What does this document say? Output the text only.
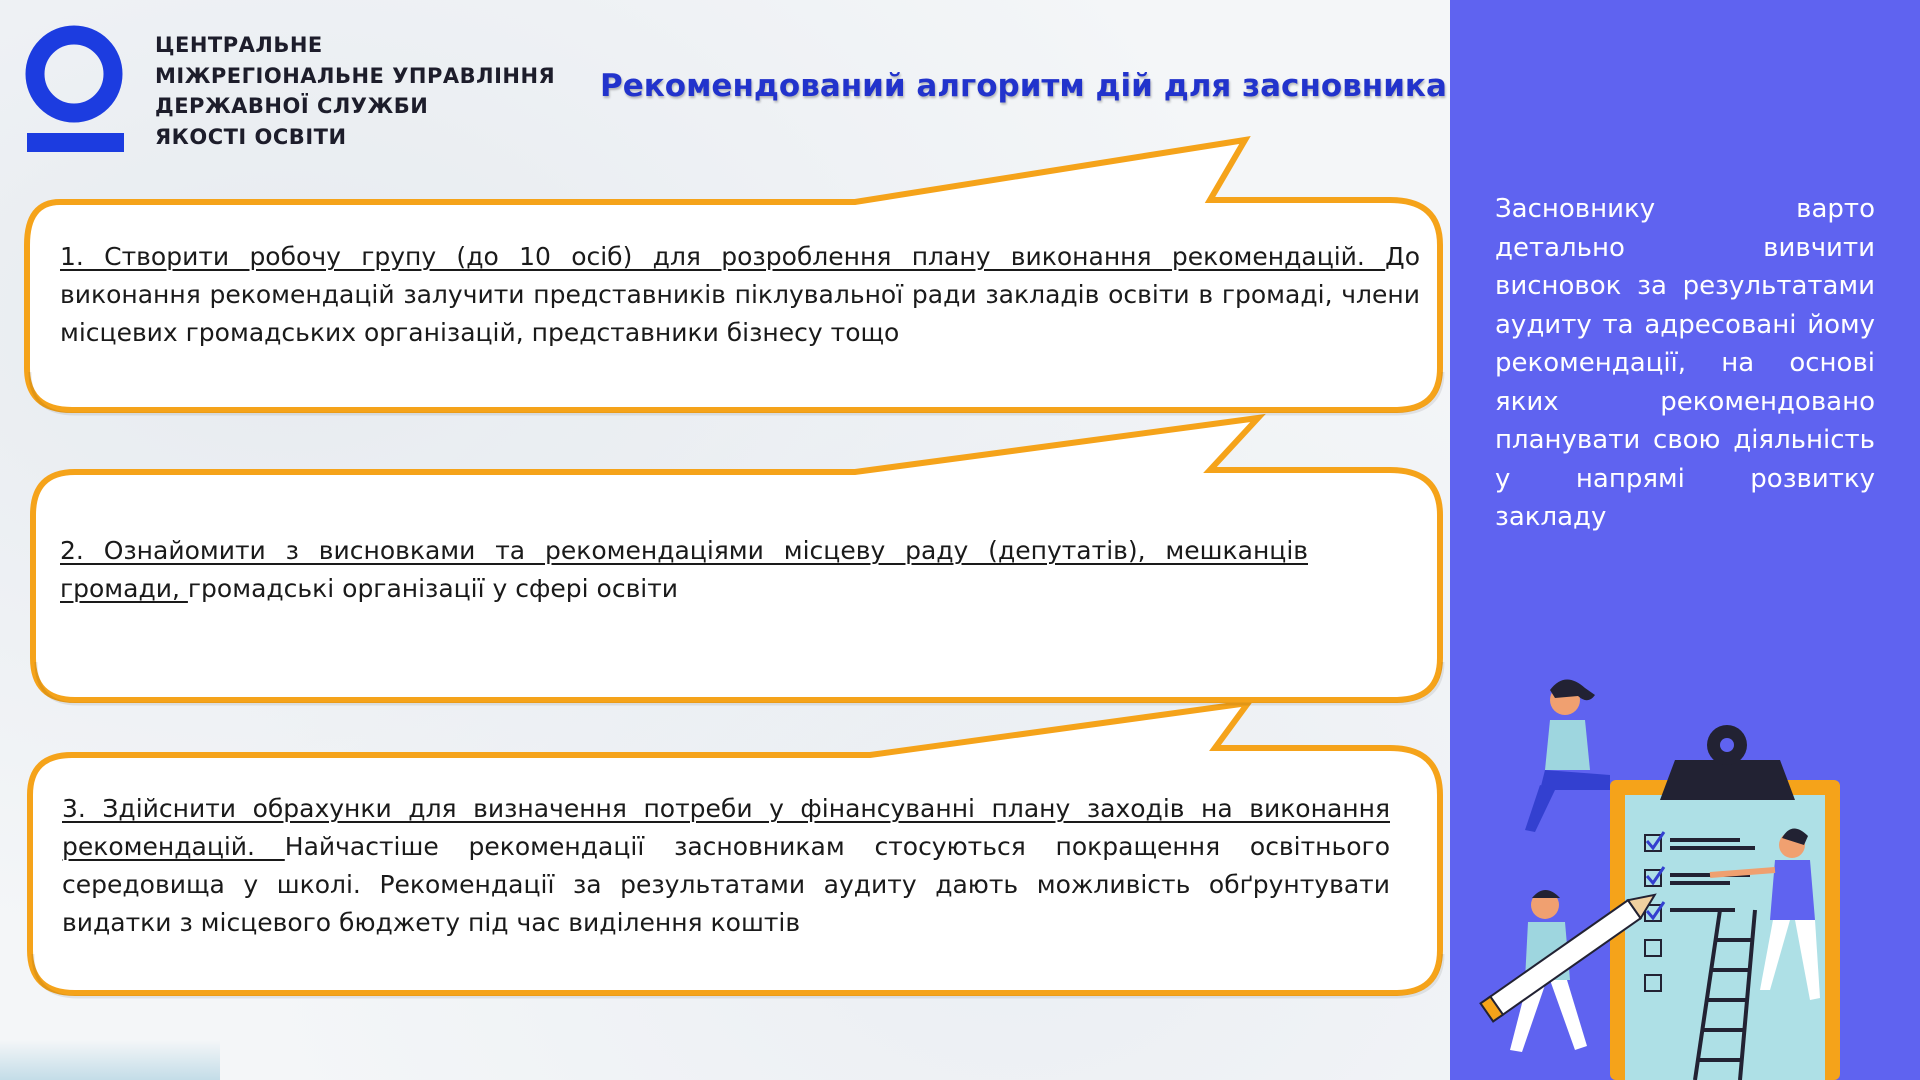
ЦЕНТРАЛЬНЕ
МІЖРЕГІОНАЛЬНЕ УПРАВЛІННЯ
ДЕРЖАВНОЇ СЛУЖБИ
ЯКОСТІ ОСВІТИ
Рекомендований алгоритм дій для засновника
1. Створити робочу групу (до 10 осіб) для розроблення плану виконання рекомендацій. До виконання рекомендацій залучити представників піклувальної ради закладів освіти в громаді, члени місцевих громадських організацій, представники бізнесу тощо
2. Ознайомити з висновками та рекомендаціями місцеву раду (депутатів), мешканців громади, громадські організації у сфері освіти
3. Здійснити обрахунки для визначення потреби у фінансуванні плану заходів на виконання рекомендацій. Найчастіше рекомендації засновникам стосуються покращення освітнього середовища у школі. Рекомендації за результатами аудиту дають можливість обґрунтувати видатки з місцевого бюджету під час виділення коштів
Засновнику варто детально вивчити висновок за результатами аудиту та адресовані йому рекомендації, на основі яких рекомендовано планувати свою діяльність у напрямі розвитку закладу
